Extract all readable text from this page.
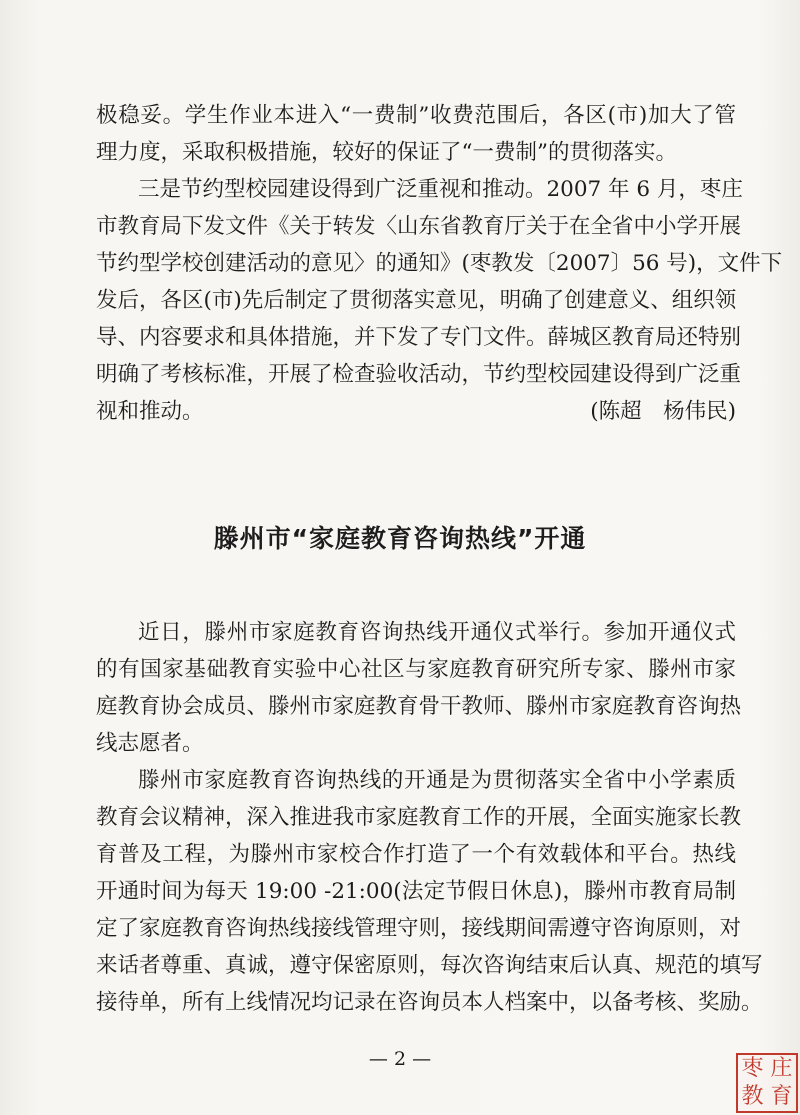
极稳妥。学生作业本进入“一费制”收费范围后，各区(市)加大了管
理力度，采取积极措施，较好的保证了“一费制”的贯彻落实。
三是节约型校园建设得到广泛重视和推动。2007 年 6 月，枣庄
市教育局下发文件《关于转发〈山东省教育厅关于在全省中小学开展
节约型学校创建活动的意见〉的通知》(枣教发〔2007〕56 号)，文件下
发后，各区(市)先后制定了贯彻落实意见，明确了创建意义、组织领
导、内容要求和具体措施，并下发了专门文件。薛城区教育局还特别
明确了考核标准，开展了检查验收活动，节约型校园建设得到广泛重
视和推动。	(陈超　杨伟民)
滕州市“家庭教育咨询热线”开通
近日，滕州市家庭教育咨询热线开通仪式举行。参加开通仪式
的有国家基础教育实验中心社区与家庭教育研究所专家、滕州市家
庭教育协会成员、滕州市家庭教育骨干教师、滕州市家庭教育咨询热
线志愿者。
滕州市家庭教育咨询热线的开通是为贯彻落实全省中小学素质
教育会议精神，深入推进我市家庭教育工作的开展，全面实施家长教
育普及工程，为滕州市家校合作打造了一个有效载体和平台。热线
开通时间为每天 19:00 -21:00(法定节假日休息)，滕州市教育局制
定了家庭教育咨询热线接线管理守则，接线期间需遵守咨询原则，对
来话者尊重、真诚，遵守保密原则，每次咨询结束后认真、规范的填写
接待单，所有上线情况均记录在咨询员本人档案中，以备考核、奖励。
— 2 —	枣 庄
教 育
